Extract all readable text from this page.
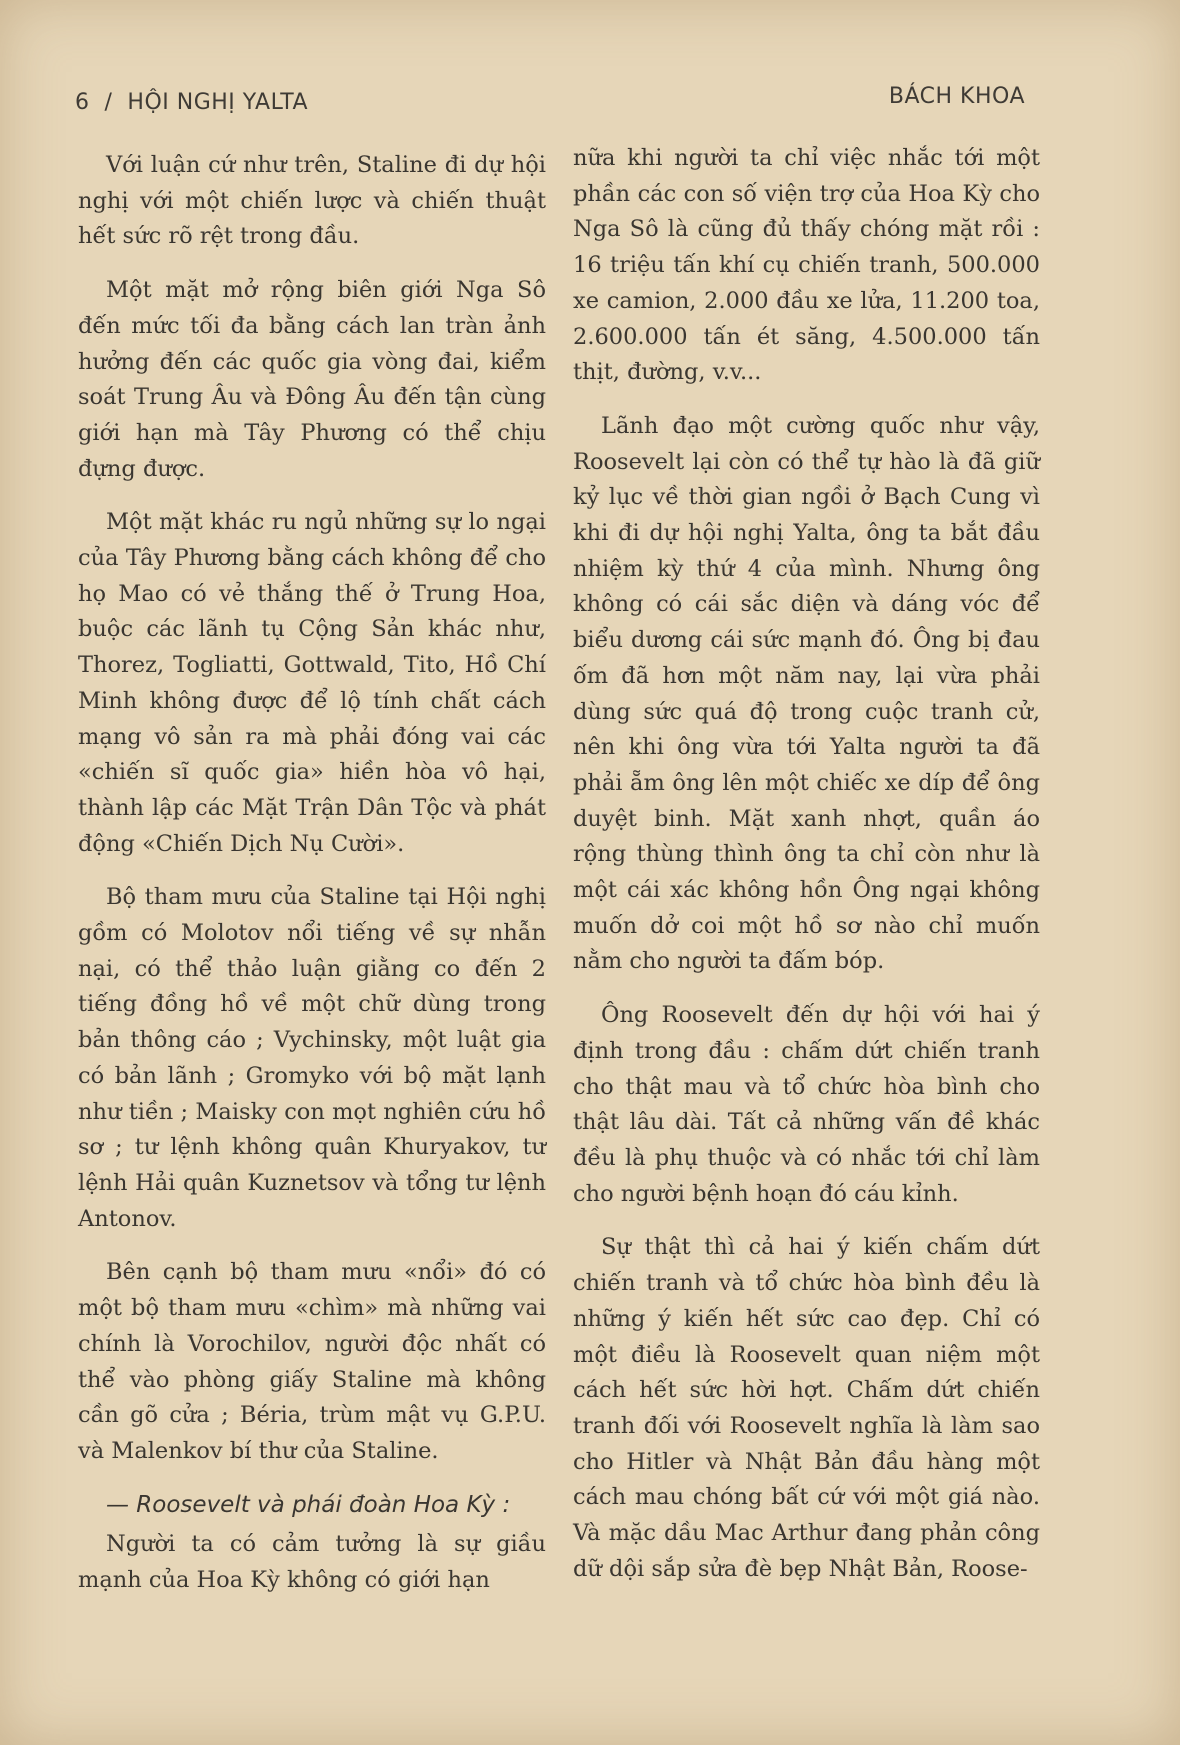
6 / HỘI NGHỊ YALTA	BÁCH KHOA

Với luận cứ như trên, Staline đi dự hội nghị với một chiến lược và chiến thuật hết sức rõ rệt trong đầu.

Một mặt mở rộng biên giới Nga Sô đến mức tối đa bằng cách lan tràn ảnh hưởng đến các quốc gia vòng đai, kiểm soát Trung Âu và Đông Âu đến tận cùng giới hạn mà Tây Phương có thể chịu đựng được.

Một mặt khác ru ngủ những sự lo ngại của Tây Phương bằng cách không để cho họ Mao có vẻ thắng thế ở Trung Hoa, buộc các lãnh tụ Cộng Sản khác như, Thorez, Togliatti, Gottwald, Tito, Hồ Chí Minh không được để lộ tính chất cách mạng vô sản ra mà phải đóng vai các «chiến sĩ quốc gia» hiền hòa vô hại, thành lập các Mặt Trận Dân Tộc và phát động «Chiến Dịch Nụ Cười».

Bộ tham mưu của Staline tại Hội nghị gồm có Molotov nổi tiếng về sự nhẫn nại, có thể thảo luận giằng co đến 2 tiếng đồng hồ về một chữ dùng trong bản thông cáo ; Vychinsky, một luật gia có bản lãnh ; Gromyko với bộ mặt lạnh như tiền ; Maisky con mọt nghiên cứu hồ sơ ; tư lệnh không quân Khuryakov, tư lệnh Hải quân Kuznetsov và tổng tư lệnh Antonov.

Bên cạnh bộ tham mưu «nổi» đó có một bộ tham mưu «chìm» mà những vai chính là Vorochilov, người độc nhất có thể vào phòng giấy Staline mà không cần gõ cửa ; Béria, trùm mật vụ G.P.U. và Malenkov bí thư của Staline.

— Roosevelt và phái đoàn Hoa Kỳ :

Người ta có cảm tưởng là sự giầu mạnh của Hoa Kỳ không có giới hạn

nữa khi người ta chỉ việc nhắc tới một phần các con số viện trợ của Hoa Kỳ cho Nga Sô là cũng đủ thấy chóng mặt rồi : 16 triệu tấn khí cụ chiến tranh, 500.000 xe camion, 2.000 đầu xe lửa, 11.200 toa, 2.600.000 tấn ét săng, 4.500.000 tấn thịt, đường, v.v...

Lãnh đạo một cường quốc như vậy, Roosevelt lại còn có thể tự hào là đã giữ kỷ lục về thời gian ngồi ở Bạch Cung vì khi đi dự hội nghị Yalta, ông ta bắt đầu nhiệm kỳ thứ 4 của mình. Nhưng ông không có cái sắc diện và dáng vóc để biểu dương cái sức mạnh đó. Ông bị đau ốm đã hơn một năm nay, lại vừa phải dùng sức quá độ trong cuộc tranh cử, nên khi ông vừa tới Yalta người ta đã phải ẵm ông lên một chiếc xe díp để ông duyệt binh. Mặt xanh nhợt, quần áo rộng thùng thình ông ta chỉ còn như là một cái xác không hồn Ông ngại không muốn dở coi một hồ sơ nào chỉ muốn nằm cho người ta đấm bóp.

Ông Roosevelt đến dự hội với hai ý định trong đầu : chấm dứt chiến tranh cho thật mau và tổ chức hòa bình cho thật lâu dài. Tất cả những vấn đề khác đều là phụ thuộc và có nhắc tới chỉ làm cho người bệnh hoạn đó cáu kỉnh.

Sự thật thì cả hai ý kiến chấm dứt chiến tranh và tổ chức hòa bình đều là những ý kiến hết sức cao đẹp. Chỉ có một điều là Roosevelt quan niệm một cách hết sức hời hợt. Chấm dứt chiến tranh đối với Roosevelt nghĩa là làm sao cho Hitler và Nhật Bản đầu hàng một cách mau chóng bất cứ với một giá nào. Và mặc dầu Mac Arthur đang phản công dữ dội sắp sửa đè bẹp Nhật Bản, Roose-
